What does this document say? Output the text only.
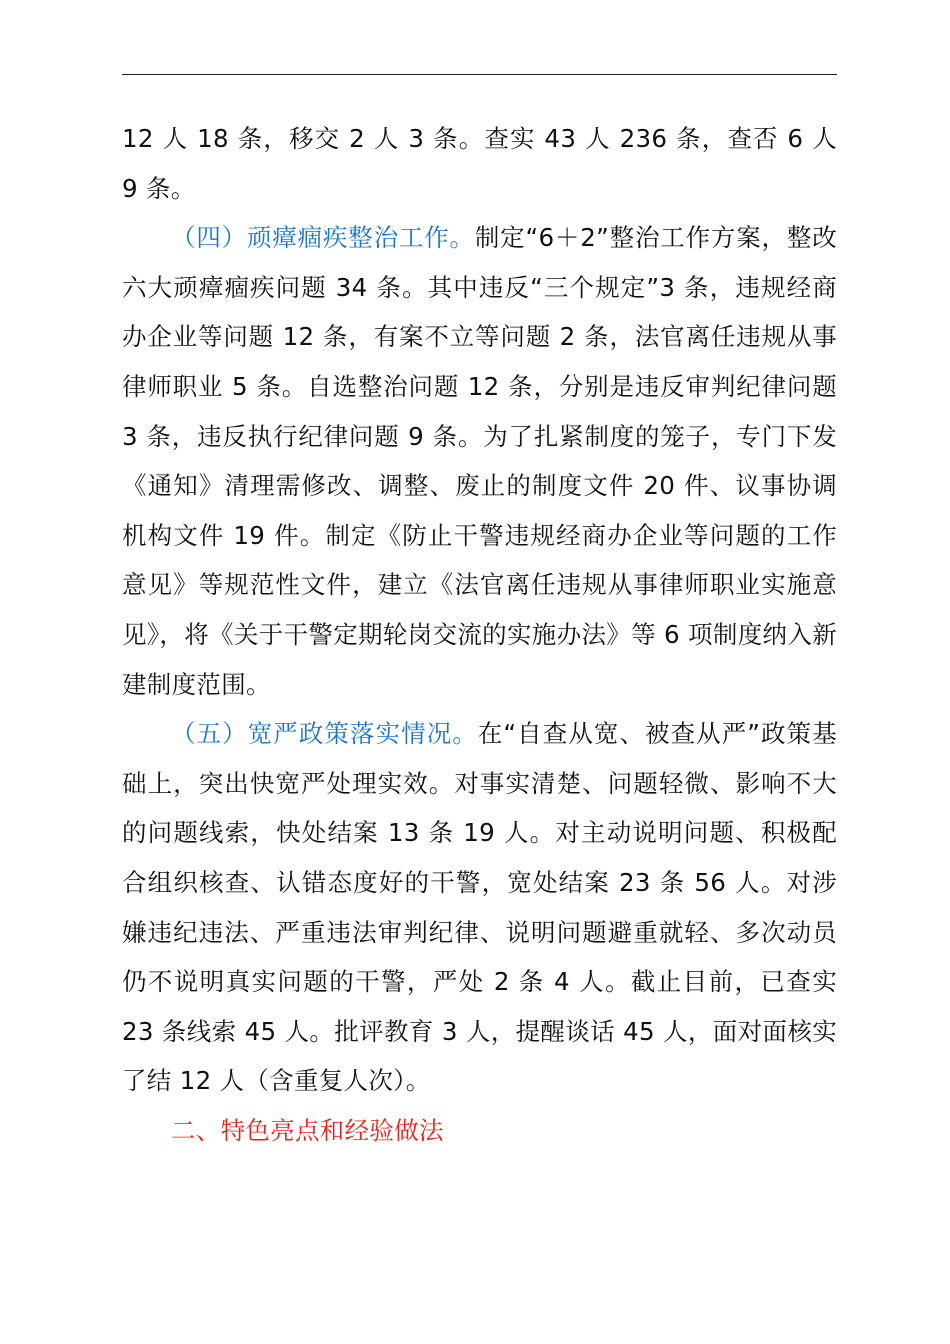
12 人 18 条，移交 2 人 3 条。查实 43 人 236 条，查否 6 人 9 条。

（四）顽瘴痼疾整治工作。制定“6＋2”整治工作方案，整改六大顽瘴痼疾问题 34 条。其中违反“三个规定”3 条，违规经商办企业等问题 12 条，有案不立等问题 2 条，法官离任违规从事律师职业 5 条。自选整治问题 12 条，分别是违反审判纪律问题 3 条，违反执行纪律问题 9 条。为了扎紧制度的笼子，专门下发《通知》清理需修改、调整、废止的制度文件 20 件、议事协调机构文件 19 件。制定《防止干警违规经商办企业等问题的工作意见》等规范性文件，建立《法官离任违规从事律师职业实施意见》，将《关于干警定期轮岗交流的实施办法》等 6 项制度纳入新建制度范围。

（五）宽严政策落实情况。在“自查从宽、被查从严”政策基础上，突出快宽严处理实效。对事实清楚、问题轻微、影响不大的问题线索，快处结案 13 条 19 人。对主动说明问题、积极配合组织核查、认错态度好的干警，宽处结案 23 条 56 人。对涉嫌违纪违法、严重违法审判纪律、说明问题避重就轻、多次动员仍不说明真实问题的干警，严处 2 条 4 人。截止目前，已查实 23 条线索 45 人。批评教育 3 人，提醒谈话 45 人，面对面核实了结 12 人（含重复人次）。

二、特色亮点和经验做法
